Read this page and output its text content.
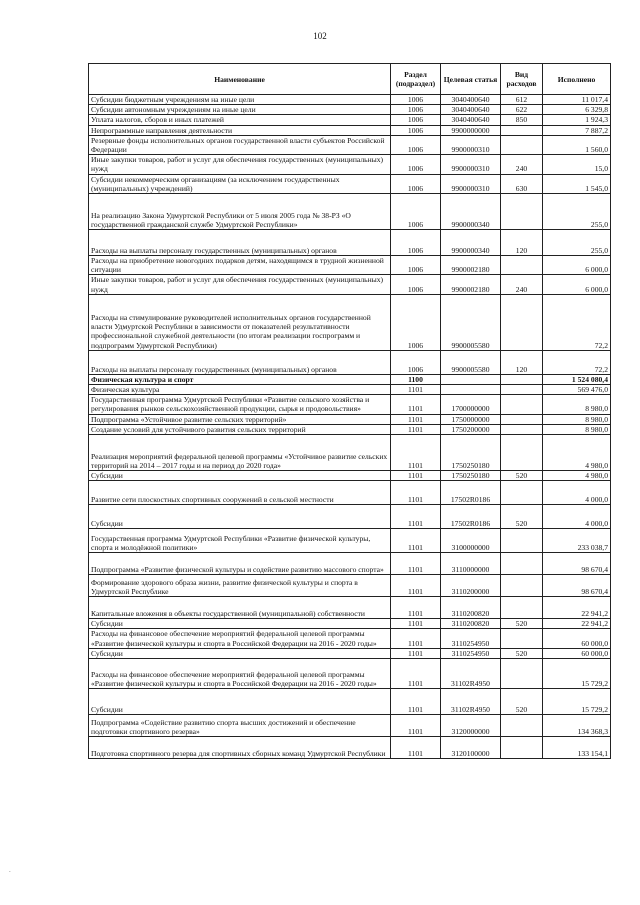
102
Наименование	Раздел (подраздел)	Целевая статья	Вид расходов	Исполнено
Субсидии бюджетным учреждениям на иные цели	1006	3040400640	612	11 017,4
Субсидии автономным учреждениям на иные цели	1006	3040400640	622	6 329,8
Уплата налогов, сборов и иных платежей	1006	3040400640	850	1 924,3
Непрограммные направления деятельности	1006	9900000000		7 887,2
Резервные фонды исполнительных органов государственной власти субъектов Российской Федерации	1006	9900000310		1 560,0
Иные закупки товаров, работ и услуг для обеспечения государственных (муниципальных) нужд	1006	9900000310	240	15,0
Субсидии некоммерческим организациям (за исключением государственных (муниципальных) учреждений)	1006	9900000310	630	1 545,0
На реализацию Закона Удмуртской Республики от 5 июля 2005 года № 38-РЗ «О государственной гражданской службе Удмуртской Республики»	1006	9900000340		255,0
Расходы на выплаты персоналу государственных (муниципальных) органов	1006	9900000340	120	255,0
Расходы на приобретение новогодних подарков детям, находящимся в трудной жизненной ситуации	1006	9900002180		6 000,0
Иные закупки товаров, работ и услуг для обеспечения государственных (муниципальных) нужд	1006	9900002180	240	6 000,0
Расходы на стимулирование руководителей исполнительных органов государственной власти Удмуртской Республики в зависимости от показателей результативности профессиональной служебной деятельности (по итогам реализации госпрограмм и подпрограмм Удмуртской Республики)	1006	9900005580		72,2
Расходы на выплаты персоналу государственных (муниципальных) органов	1006	9900005580	120	72,2
Физическая культура и спорт	1100			1 524 080,4
Физическая культура	1101			569 476,0
Государственная программа Удмуртской Республики «Развитие сельского хозяйства и регулирования рынков сельскохозяйственной продукции, сырья и продовольствия»	1101	1700000000		8 980,0
Подпрограмма «Устойчивое развитие сельских территорий»	1101	1750000000		8 980,0
Создание условий для устойчивого развития сельских территорий	1101	1750200000		8 980,0
Реализация мероприятий федеральной целевой программы «Устойчивое развитие сельских территорий на 2014 – 2017 годы и на период до 2020 года»	1101	1750250180		4 980,0
Субсидии	1101	1750250180	520	4 980,0
Развитие сети плоскостных спортивных сооружений в сельской местности	1101	17502R0186		4 000,0
Субсидии	1101	17502R0186	520	4 000,0
Государственная программа Удмуртской Республики «Развитие физической культуры, спорта и молодёжной политики»	1101	3100000000		233 038,7
Подпрограмма «Развитие физической культуры и содействие развитию массового спорта»	1101	3110000000		98 670,4
Формирование здорового образа жизни, развитие физической культуры и спорта в Удмуртской Республике	1101	3110200000		98 670,4
Капитальные вложения в объекты государственной (муниципальной) собственности	1101	3110200820		22 941,2
Субсидии	1101	3110200820	520	22 941,2
Расходы на финансовое обеспечение мероприятий федеральной целевой программы «Развитие физической культуры и спорта в Российской Федерации на 2016 - 2020 годы»	1101	3110254950		60 000,0
Субсидии	1101	3110254950	520	60 000,0
Расходы на финансовое обеспечение мероприятий федеральной целевой программы «Развитие физической культуры и спорта в Российской Федерации на 2016 - 2020 годы»	1101	31102R4950		15 729,2
Субсидии	1101	31102R4950	520	15 729,2
Подпрограмма «Содействие развитию спорта высших достижений и обеспечение подготовки спортивного резерва»	1101	3120000000		134 368,3
Подготовка спортивного резерва для спортивных сборных команд Удмуртской Республики	1101	3120100000		133 154,1
.
